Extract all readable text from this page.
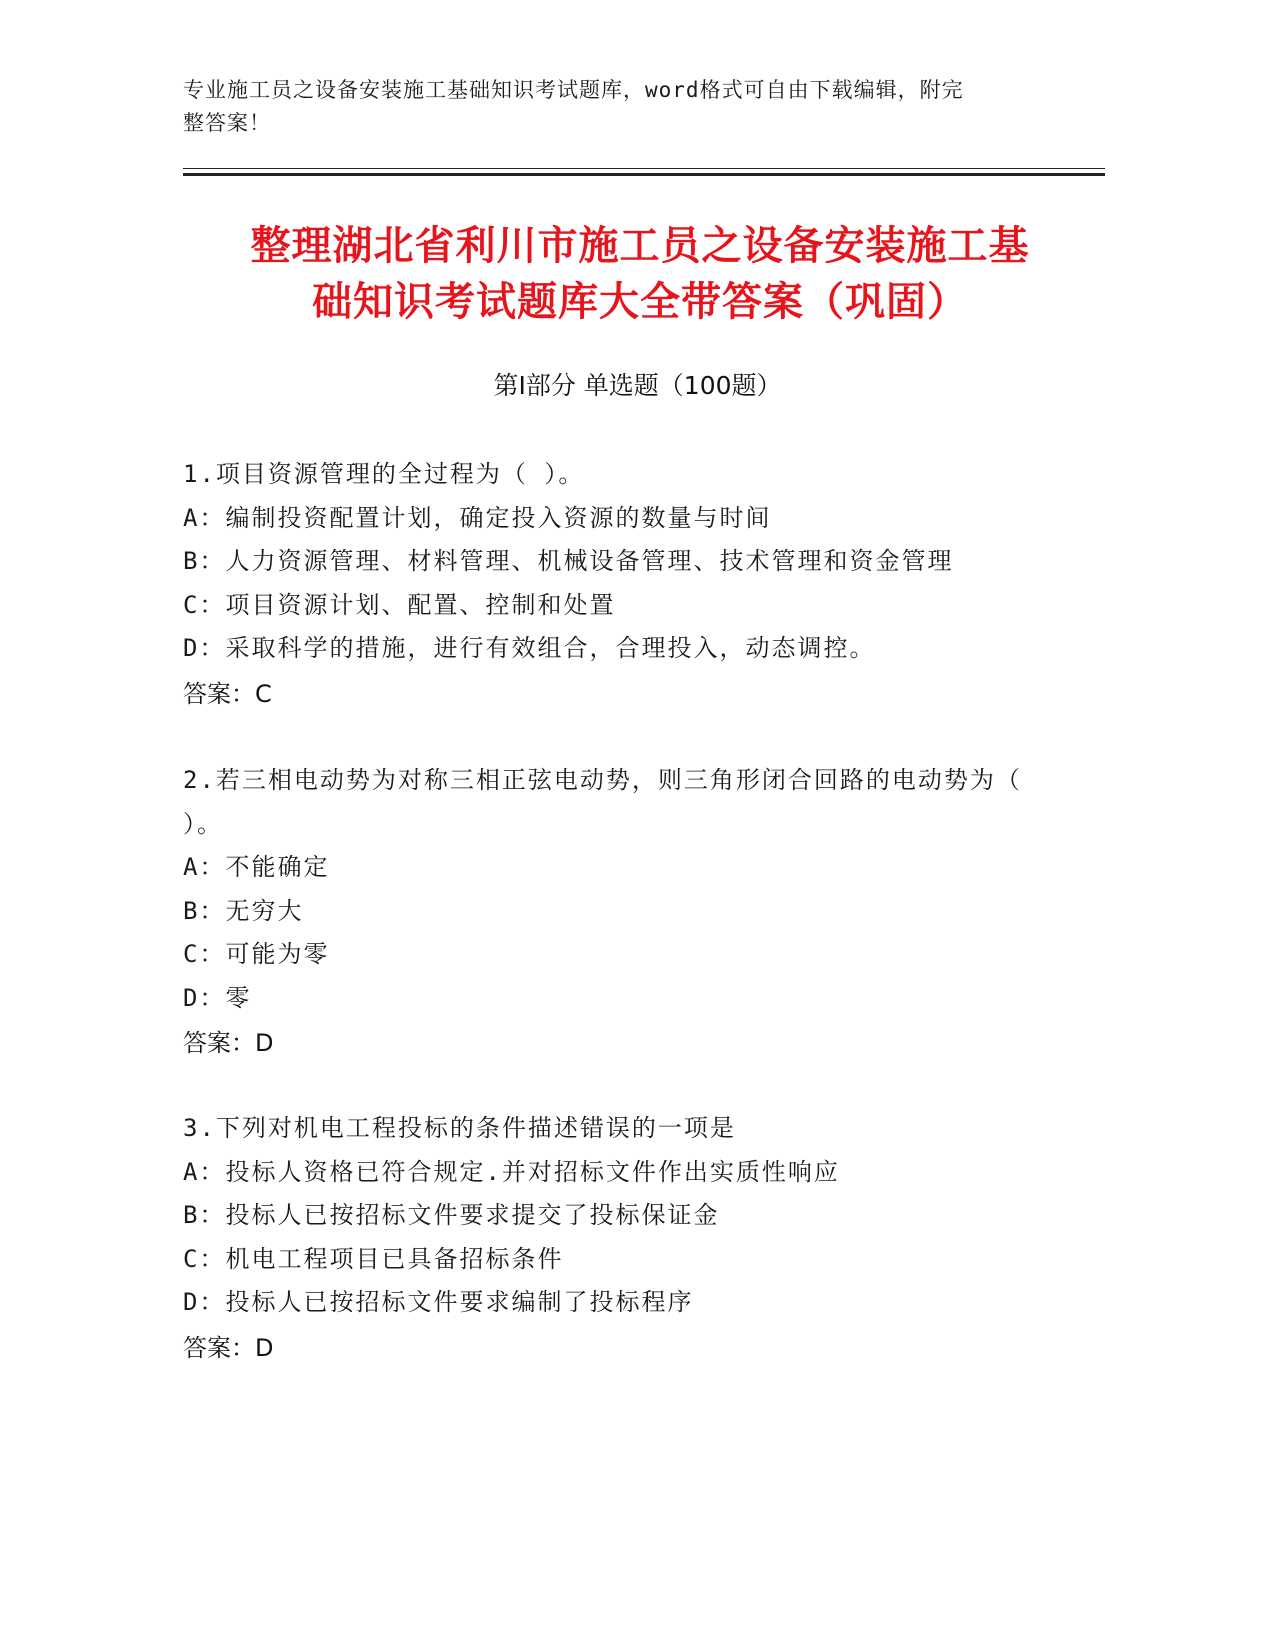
专业施工员之设备安装施工基础知识考试题库，word格式可自由下载编辑，附完
整答案！
整理湖北省利川市施工员之设备安装施工基
础知识考试题库大全带答案（巩固）
第Ⅰ部分 单选题（100题）
1.项目资源管理的全过程为（ ）。
A：编制投资配置计划，确定投入资源的数量与时间
B：人力资源管理、材料管理、机械设备管理、技术管理和资金管理
C：项目资源计划、配置、控制和处置
D：采取科学的措施，进行有效组合，合理投入，动态调控。
答案：C
2.若三相电动势为对称三相正弦电动势，则三角形闭合回路的电动势为（ ）。
A：不能确定
B：无穷大
C：可能为零
D：零
答案：D
3.下列对机电工程投标的条件描述错误的一项是
A：投标人资格已符合规定.并对招标文件作出实质性响应
B：投标人已按招标文件要求提交了投标保证金
C：机电工程项目已具备招标条件
D：投标人已按招标文件要求编制了投标程序
答案：D
